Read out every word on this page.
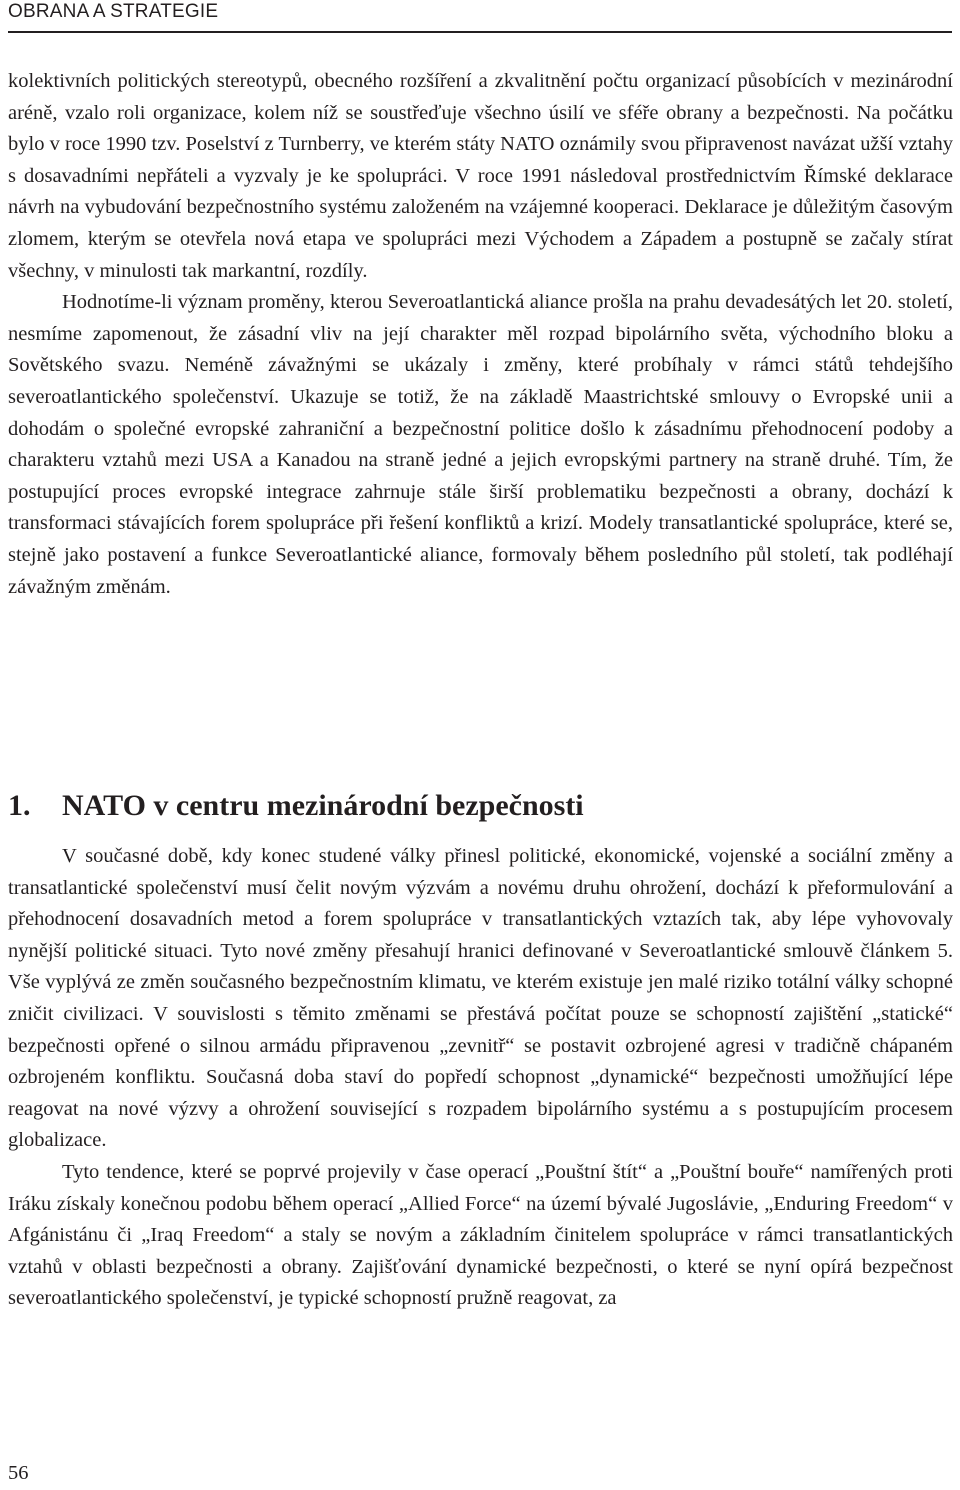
OBRANA A STRATEGIE

kolektivních politických stereotypů, obecného rozšíření a zkvalitnění počtu organizací působících v mezinárodní aréně, vzalo roli organizace, kolem níž se soustřeďuje všechno úsilí ve sféře obrany a bezpečnosti. Na počátku bylo v roce 1990 tzv. Poselství z Turnberry, ve kterém státy NATO oznámily svou připravenost navázat užší vztahy s dosavadními nepřáteli a vyzvaly je ke spolupráci. V roce 1991 následoval prostřednictvím Římské deklarace návrh na vybudování bezpečnostního systému založeném na vzájemné kooperaci. Deklarace je důležitým časovým zlomem, kterým se otevřela nová etapa ve spolupráci mezi Východem a Západem a postupně se začaly stírat všechny, v minulosti tak markantní, rozdíly.

Hodnotíme-li význam proměny, kterou Severoatlantická aliance prošla na prahu devadesátých let 20. století, nesmíme zapomenout, že zásadní vliv na její charakter měl rozpad bipolárního světa, východního bloku a Sovětského svazu. Neméně závažnými se ukázaly i změny, které probíhaly v rámci států tehdejšího severoatlantického společenství. Ukazuje se totiž, že na základě Maastrichtské smlouvy o Evropské unii a dohodám o společné evropské zahraniční a bezpečnostní politice došlo k zásadnímu přehodnocení podoby a charakteru vztahů mezi USA a Kanadou na straně jedné a jejich evropskými partnery na straně druhé. Tím, že postupující proces evropské integrace zahrnuje stále širší problematiku bezpečnosti a obrany, dochází k transformaci stávajících forem spolupráce při řešení konfliktů a krizí. Modely transatlantické spolupráce, které se, stejně jako postavení a funkce Severoatlantické aliance, formovaly během posledního půl století, tak podléhají závažným změnám.

1. NATO v centru mezinárodní bezpečnosti

V současné době, kdy konec studené války přinesl politické, ekonomické, vojenské a sociální změny a transatlantické společenství musí čelit novým výzvám a novému druhu ohrožení, dochází k přeformulování a přehodnocení dosavadních metod a forem spolupráce v transatlantických vztazích tak, aby lépe vyhovovaly nynější politické situaci. Tyto nové změny přesahují hranici definované v Severoatlantické smlouvě článkem 5. Vše vyplývá ze změn současného bezpečnostním klimatu, ve kterém existuje jen malé riziko totální války schopné zničit civilizaci. V souvislosti s těmito změnami se přestává počítat pouze se schopností zajištění „statické“ bezpečnosti opřené o silnou armádu připravenou „zevnitř“ se postavit ozbrojené agresi v tradičně chápaném ozbrojeném konfliktu. Současná doba staví do popředí schopnost „dynamické“ bezpečnosti umožňující lépe reagovat na nové výzvy a ohrožení související s rozpadem bipolárního systému a s postupujícím procesem globalizace.

Tyto tendence, které se poprvé projevily v čase operací „Pouštní štít“ a „Pouštní bouře“ namířených proti Iráku získaly konečnou podobu během operací „Allied Force“ na území bývalé Jugoslávie, „Enduring Freedom“ v Afgánistánu či „Iraq Freedom“ a staly se novým a základním činitelem spolupráce v rámci transatlantických vztahů v oblasti bezpečnosti a obrany. Zajišťování dynamické bezpečnosti, o které se nyní opírá bezpečnost severoatlantického společenství, je typické schopností pružně reagovat, za

56
